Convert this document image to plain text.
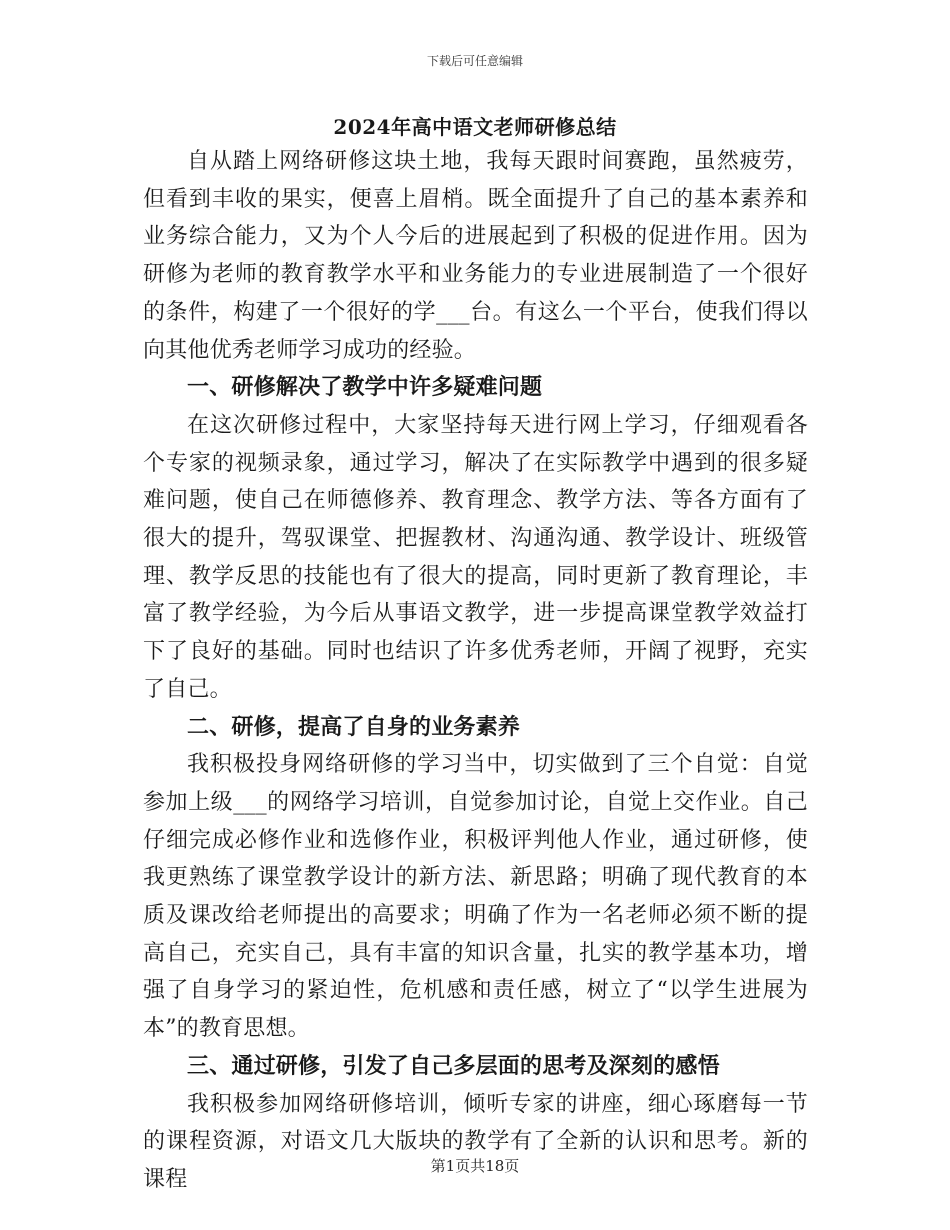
下载后可任意编辑
2024年高中语文老师研修总结

自从踏上网络研修这块土地，我每天跟时间赛跑，虽然疲劳，但看到丰收的果实，便喜上眉梢。既全面提升了自己的基本素养和业务综合能力，又为个人今后的进展起到了积极的促进作用。因为研修为老师的教育教学水平和业务能力的专业进展制造了一个很好的条件，构建了一个很好的学___台。有这么一个平台，使我们得以向其他优秀老师学习成功的经验。

一、研修解决了教学中许多疑难问题

在这次研修过程中，大家坚持每天进行网上学习，仔细观看各个专家的视频录象，通过学习，解决了在实际教学中遇到的很多疑难问题，使自己在师德修养、教育理念、教学方法、等各方面有了很大的提升，驾驭课堂、把握教材、沟通沟通、教学设计、班级管理、教学反思的技能也有了很大的提高，同时更新了教育理论，丰富了教学经验，为今后从事语文教学，进一步提高课堂教学效益打下了良好的基础。同时也结识了许多优秀老师，开阔了视野，充实了自己。

二、研修，提高了自身的业务素养

我积极投身网络研修的学习当中，切实做到了三个自觉：自觉参加上级___的网络学习培训，自觉参加讨论，自觉上交作业。自己仔细完成必修作业和选修作业，积极评判他人作业，通过研修，使我更熟练了课堂教学设计的新方法、新思路；明确了现代教育的本质及课改给老师提出的高要求；明确了作为一名老师必须不断的提高自己，充实自己，具有丰富的知识含量，扎实的教学基本功，增强了自身学习的紧迫性，危机感和责任感，树立了“以学生进展为本”的教育思想。

三、通过研修，引发了自己多层面的思考及深刻的感悟

我积极参加网络研修培训，倾听专家的讲座，细心琢磨每一节的课程资源，对语文几大版块的教学有了全新的认识和思考。新的课程

第1页共18页
